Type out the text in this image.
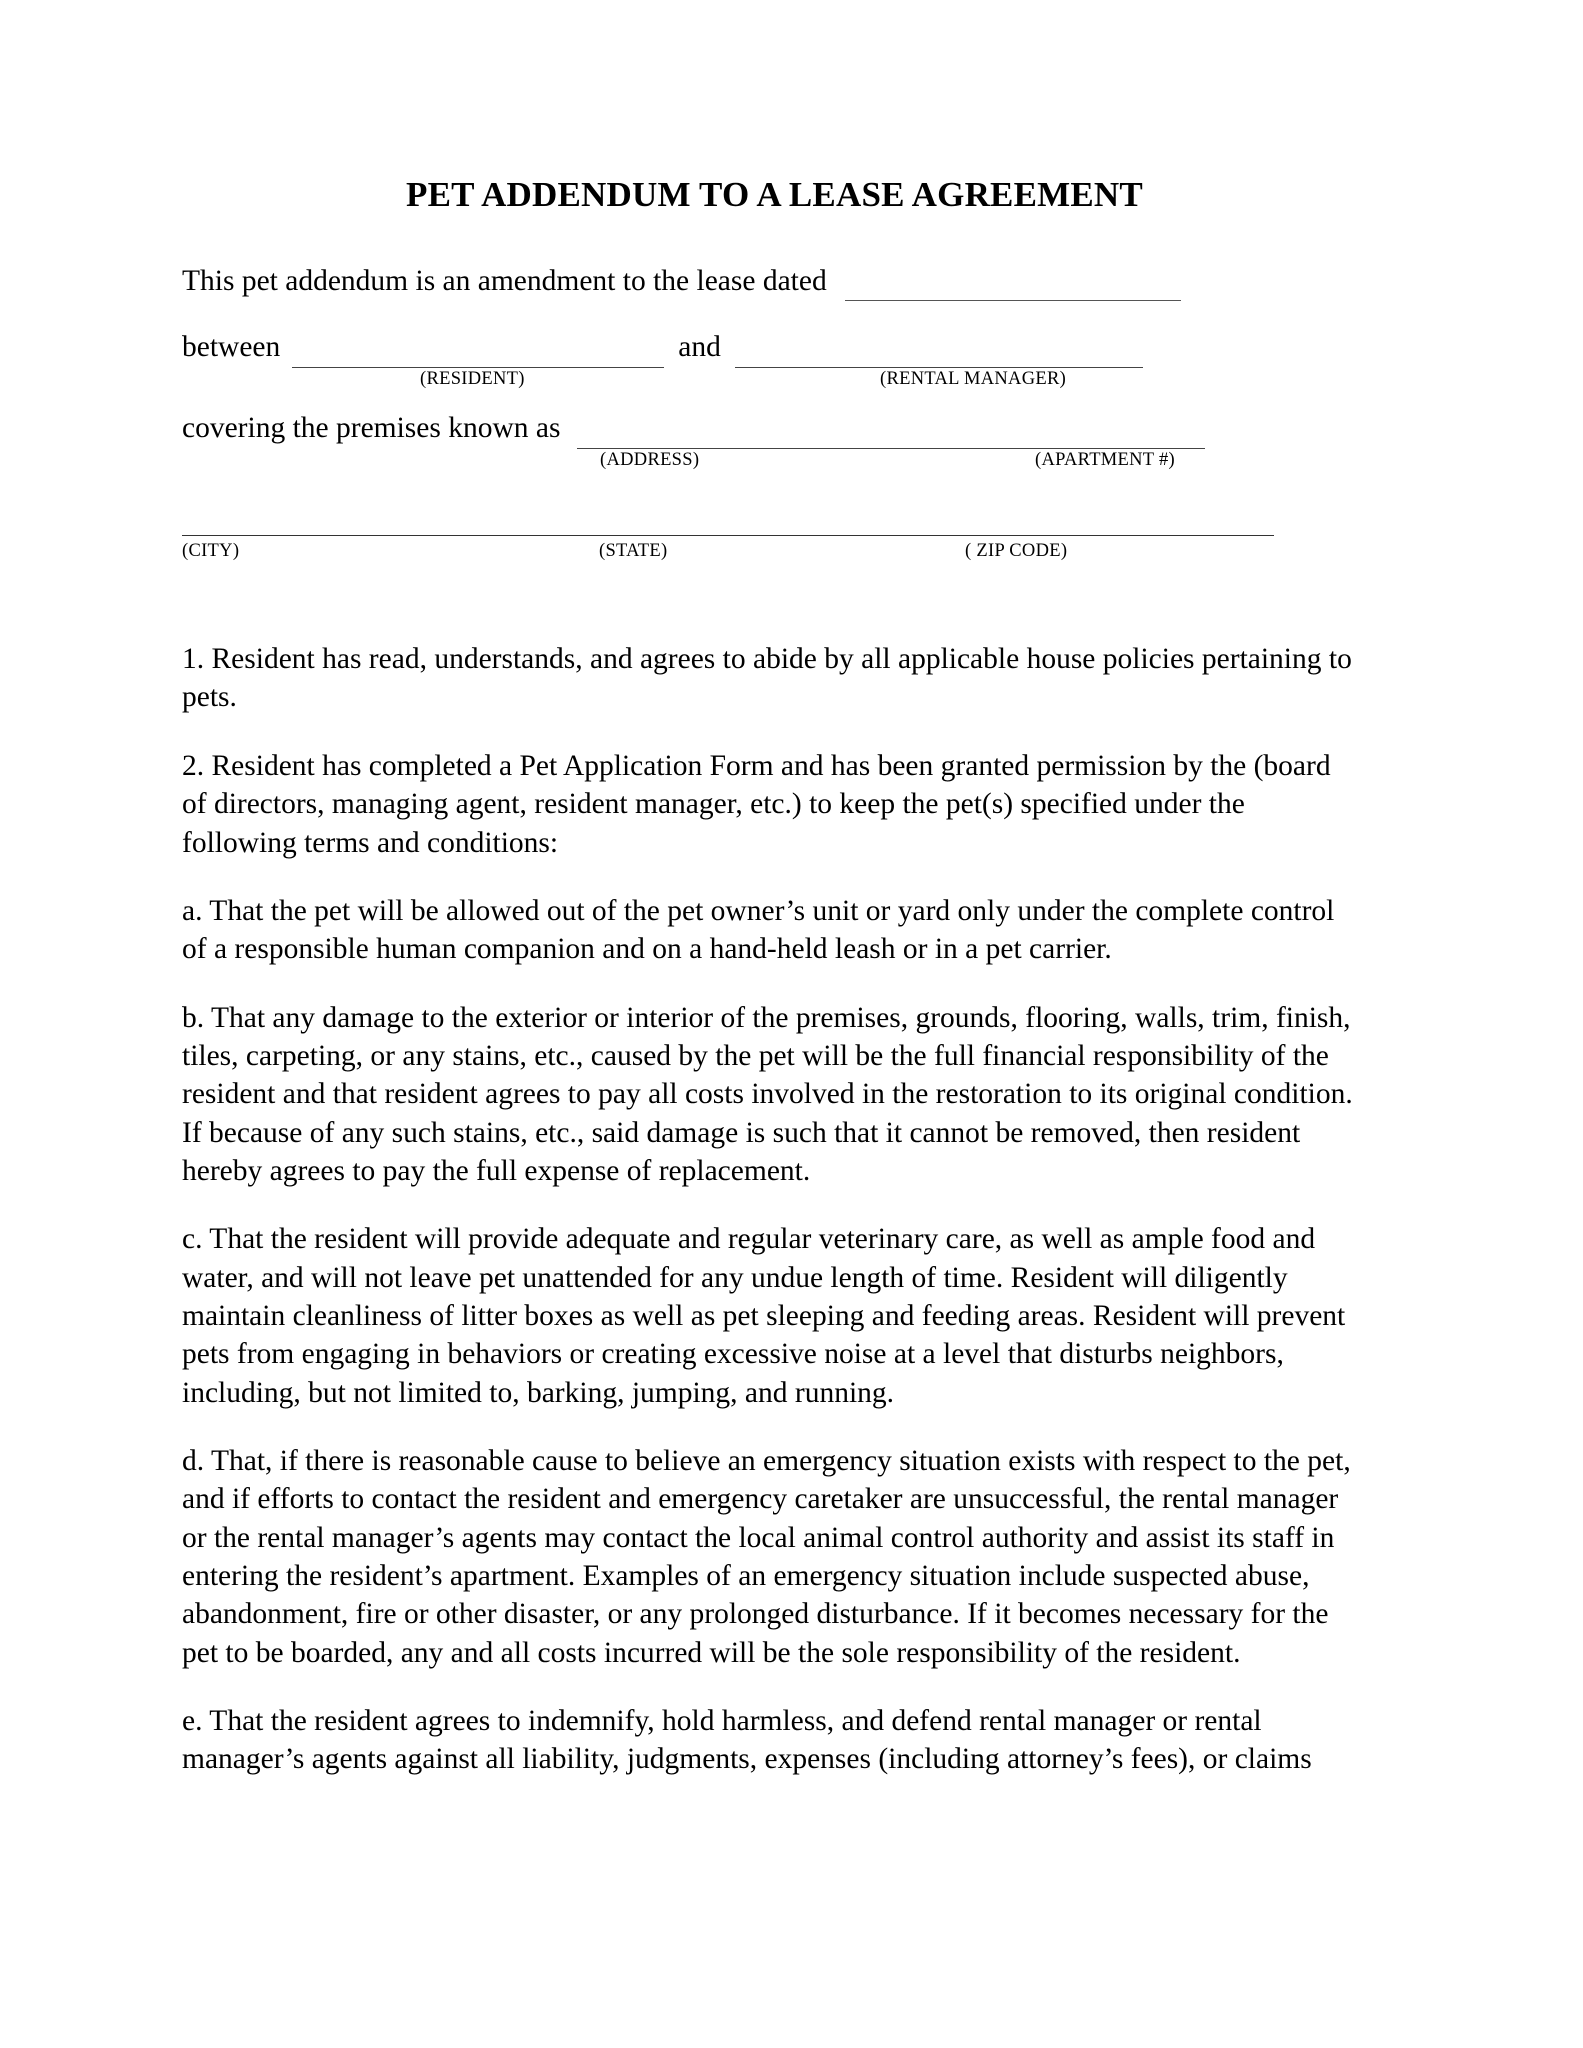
PET ADDENDUM TO A LEASE AGREEMENT
This pet addendum is an amendment to the lease dated
between	and
(RESIDENT)	(RENTAL MANAGER)
covering the premises known as
(ADDRESS)	(APARTMENT #)
(CITY)	(STATE)	( ZIP CODE)

1. Resident has read, understands, and agrees to abide by all applicable house policies pertaining to pets.

2. Resident has completed a Pet Application Form and has been granted permission by the (board of directors, managing agent, resident manager, etc.) to keep the pet(s) specified under the following terms and conditions:

a. That the pet will be allowed out of the pet owner’s unit or yard only under the complete control of a responsible human companion and on a hand-held leash or in a pet carrier.

b. That any damage to the exterior or interior of the premises, grounds, flooring, walls, trim, finish, tiles, carpeting, or any stains, etc., caused by the pet will be the full financial responsibility of the resident and that resident agrees to pay all costs involved in the restoration to its original condition. If because of any such stains, etc., said damage is such that it cannot be removed, then resident hereby agrees to pay the full expense of replacement.

c. That the resident will provide adequate and regular veterinary care, as well as ample food and water, and will not leave pet unattended for any undue length of time. Resident will diligently maintain cleanliness of litter boxes as well as pet sleeping and feeding areas. Resident will prevent pets from engaging in behaviors or creating excessive noise at a level that disturbs neighbors, including, but not limited to, barking, jumping, and running.

d. That, if there is reasonable cause to believe an emergency situation exists with respect to the pet, and if efforts to contact the resident and emergency caretaker are unsuccessful, the rental manager or the rental manager’s agents may contact the local animal control authority and assist its staff in entering the resident’s apartment. Examples of an emergency situation include suspected abuse, abandonment, fire or other disaster, or any prolonged disturbance. If it becomes necessary for the pet to be boarded, any and all costs incurred will be the sole responsibility of the resident.

e. That the resident agrees to indemnify, hold harmless, and defend rental manager or rental manager’s agents against all liability, judgments, expenses (including attorney’s fees), or claims
